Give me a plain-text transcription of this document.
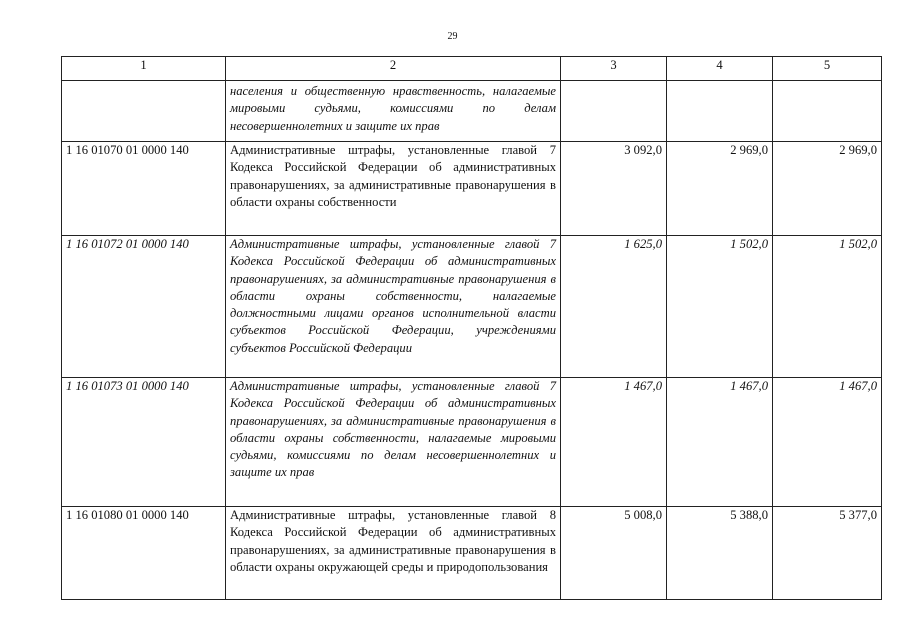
29
1	2	3	4	5
	населения и общественную нравственность, налагаемые мировыми судьями, комиссиями по делам несовершеннолетних и защите их прав			
1 16 01070 01 0000 140	Административные штрафы, установленные главой 7 Кодекса Российской Федерации об административных правонарушениях, за административные правонарушения в области охраны собственности	3 092,0	2 969,0	2 969,0
1 16 01072 01 0000 140	Административные штрафы, установленные главой 7 Кодекса Российской Федерации об административных правонарушениях, за административные правонарушения в области охраны собственности, налагаемые должностными лицами органов исполнительной власти субъектов Российской Федерации, учреждениями субъектов Российской Федерации	1 625,0	1 502,0	1 502,0
1 16 01073 01 0000 140	Административные штрафы, установленные главой 7 Кодекса Российской Федерации об административных правонарушениях, за административные правонарушения в области охраны собственности, налагаемые мировыми судьями, комиссиями по делам несовершеннолетних и защите их прав	1 467,0	1 467,0	1 467,0
1 16 01080 01 0000 140	Административные штрафы, установленные главой 8 Кодекса Российской Федерации об административных правонарушениях, за административные правонарушения в области охраны окружающей среды и природопользования	5 008,0	5 388,0	5 377,0
